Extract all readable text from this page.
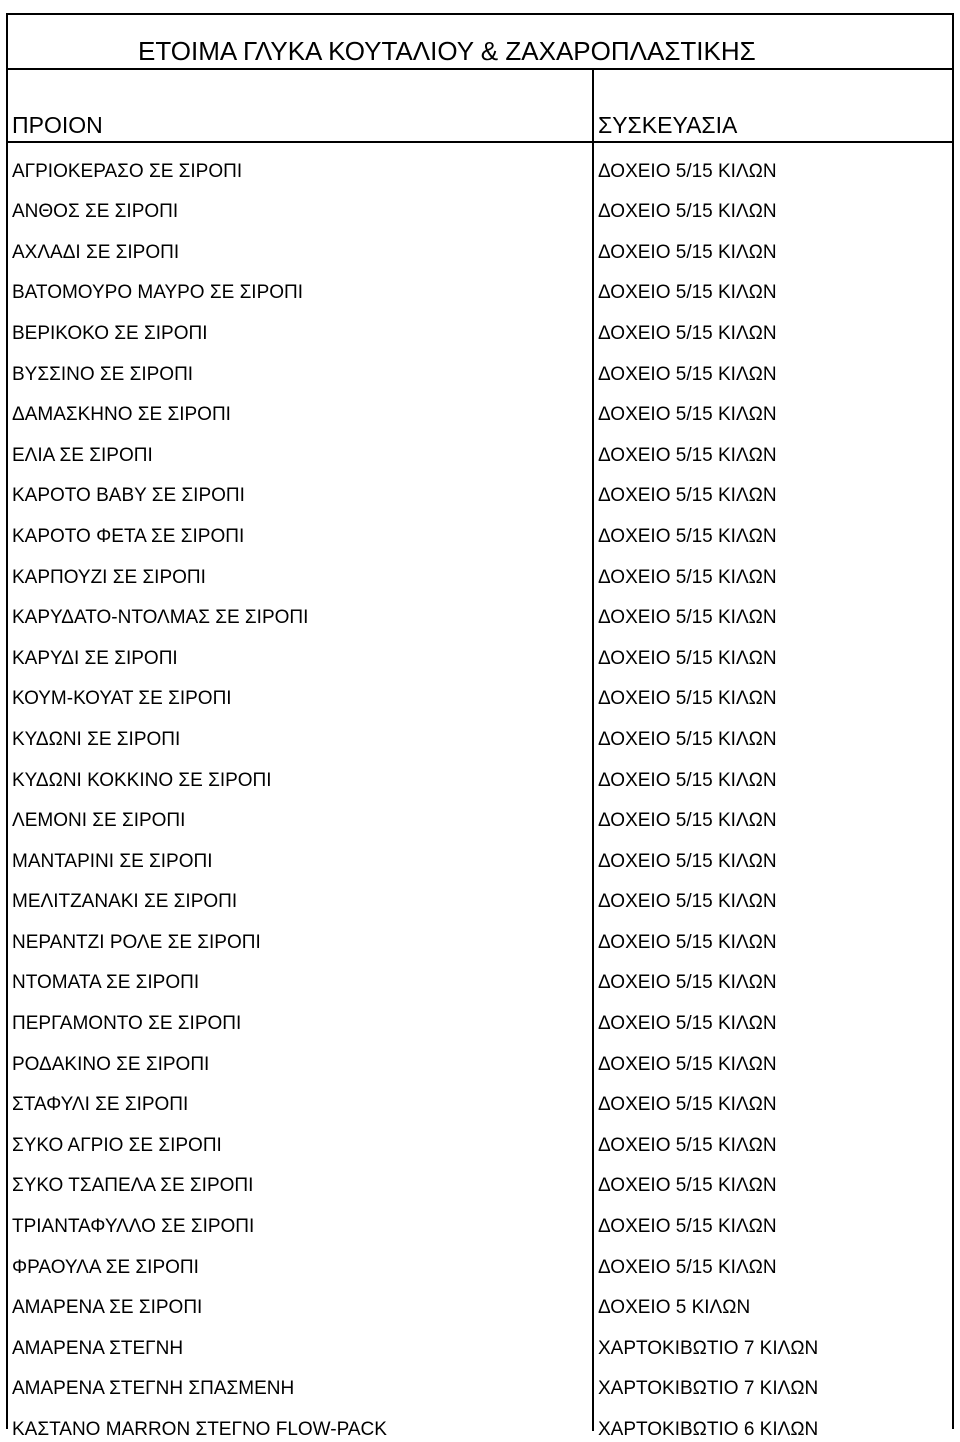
ΕΤΟΙΜΑ ΓΛΥΚΑ ΚΟΥΤΑΛΙΟΥ & ΖΑΧΑΡΟΠΛΑΣΤΙΚΗΣ
ΠΡΟΙΟΝ	ΣΥΣΚΕΥΑΣΙΑ
ΑΓΡΙΟΚΕΡΑΣΟ ΣΕ ΣΙΡΟΠΙ	ΔΟΧΕΙΟ 5/15 ΚΙΛΩΝ
ΑΝΘΟΣ ΣΕ ΣΙΡΟΠΙ	ΔΟΧΕΙΟ 5/15 ΚΙΛΩΝ
ΑΧΛΑΔΙ ΣΕ ΣΙΡΟΠΙ	ΔΟΧΕΙΟ 5/15 ΚΙΛΩΝ
ΒΑΤΟΜΟΥΡΟ ΜΑΥΡΟ ΣΕ ΣΙΡΟΠΙ	ΔΟΧΕΙΟ 5/15 ΚΙΛΩΝ
ΒΕΡΙΚΟΚΟ ΣΕ ΣΙΡΟΠΙ	ΔΟΧΕΙΟ 5/15 ΚΙΛΩΝ
ΒΥΣΣΙΝΟ ΣΕ ΣΙΡΟΠΙ	ΔΟΧΕΙΟ 5/15 ΚΙΛΩΝ
ΔΑΜΑΣΚΗΝΟ ΣΕ ΣΙΡΟΠΙ	ΔΟΧΕΙΟ 5/15 ΚΙΛΩΝ
ΕΛΙΑ ΣΕ ΣΙΡΟΠΙ	ΔΟΧΕΙΟ 5/15 ΚΙΛΩΝ
ΚΑΡΟΤΟ BABY ΣΕ ΣΙΡΟΠΙ	ΔΟΧΕΙΟ 5/15 ΚΙΛΩΝ
ΚΑΡΟΤΟ ΦΕΤΑ ΣΕ ΣΙΡΟΠΙ	ΔΟΧΕΙΟ 5/15 ΚΙΛΩΝ
ΚΑΡΠΟΥΖΙ ΣΕ ΣΙΡΟΠΙ	ΔΟΧΕΙΟ 5/15 ΚΙΛΩΝ
ΚΑΡΥΔΑΤΟ-ΝΤΟΛΜΑΣ ΣΕ ΣΙΡΟΠΙ	ΔΟΧΕΙΟ 5/15 ΚΙΛΩΝ
ΚΑΡΥΔΙ ΣΕ ΣΙΡΟΠΙ	ΔΟΧΕΙΟ 5/15 ΚΙΛΩΝ
ΚΟΥΜ-ΚΟΥΑΤ ΣΕ ΣΙΡΟΠΙ	ΔΟΧΕΙΟ 5/15 ΚΙΛΩΝ
ΚΥΔΩΝΙ ΣΕ ΣΙΡΟΠΙ	ΔΟΧΕΙΟ 5/15 ΚΙΛΩΝ
ΚΥΔΩΝΙ ΚΟΚΚΙΝΟ ΣΕ ΣΙΡΟΠΙ	ΔΟΧΕΙΟ 5/15 ΚΙΛΩΝ
ΛΕΜΟΝΙ ΣΕ ΣΙΡΟΠΙ	ΔΟΧΕΙΟ 5/15 ΚΙΛΩΝ
ΜΑΝΤΑΡΙΝΙ ΣΕ ΣΙΡΟΠΙ	ΔΟΧΕΙΟ 5/15 ΚΙΛΩΝ
ΜΕΛΙΤΖΑΝΑΚΙ ΣΕ ΣΙΡΟΠΙ	ΔΟΧΕΙΟ 5/15 ΚΙΛΩΝ
ΝΕΡΑΝΤΖΙ ΡΟΛΕ ΣΕ ΣΙΡΟΠΙ	ΔΟΧΕΙΟ 5/15 ΚΙΛΩΝ
ΝΤΟΜΑΤΑ ΣΕ ΣΙΡΟΠΙ	ΔΟΧΕΙΟ 5/15 ΚΙΛΩΝ
ΠΕΡΓΑΜΟΝΤΟ ΣΕ ΣΙΡΟΠΙ	ΔΟΧΕΙΟ 5/15 ΚΙΛΩΝ
ΡΟΔΑΚΙΝΟ ΣΕ ΣΙΡΟΠΙ	ΔΟΧΕΙΟ 5/15 ΚΙΛΩΝ
ΣΤΑΦΥΛΙ ΣΕ ΣΙΡΟΠΙ	ΔΟΧΕΙΟ 5/15 ΚΙΛΩΝ
ΣΥΚΟ ΑΓΡΙΟ ΣΕ ΣΙΡΟΠΙ	ΔΟΧΕΙΟ 5/15 ΚΙΛΩΝ
ΣΥΚΟ ΤΣΑΠΕΛΑ ΣΕ ΣΙΡΟΠΙ	ΔΟΧΕΙΟ 5/15 ΚΙΛΩΝ
ΤΡΙΑΝΤΑΦΥΛΛΟ ΣΕ ΣΙΡΟΠΙ	ΔΟΧΕΙΟ 5/15 ΚΙΛΩΝ
ΦΡΑΟΥΛΑ ΣΕ ΣΙΡΟΠΙ	ΔΟΧΕΙΟ 5/15 ΚΙΛΩΝ
ΑΜΑΡΕΝΑ ΣΕ ΣΙΡΟΠΙ	ΔΟΧΕΙΟ 5 ΚΙΛΩΝ
ΑΜΑΡΕΝΑ ΣΤΕΓΝΗ	ΧΑΡΤΟΚΙΒΩΤΙΟ 7 ΚΙΛΩΝ
ΑΜΑΡΕΝΑ ΣΤΕΓΝΗ ΣΠΑΣΜΕΝΗ	ΧΑΡΤΟΚΙΒΩΤΙΟ 7 ΚΙΛΩΝ
ΚΑΣΤΑΝΟ MARRON ΣΤΕΓΝΟ FLOW-PACK	ΧΑΡΤΟΚΙΒΩΤΙΟ 6 ΚΙΛΩΝ
